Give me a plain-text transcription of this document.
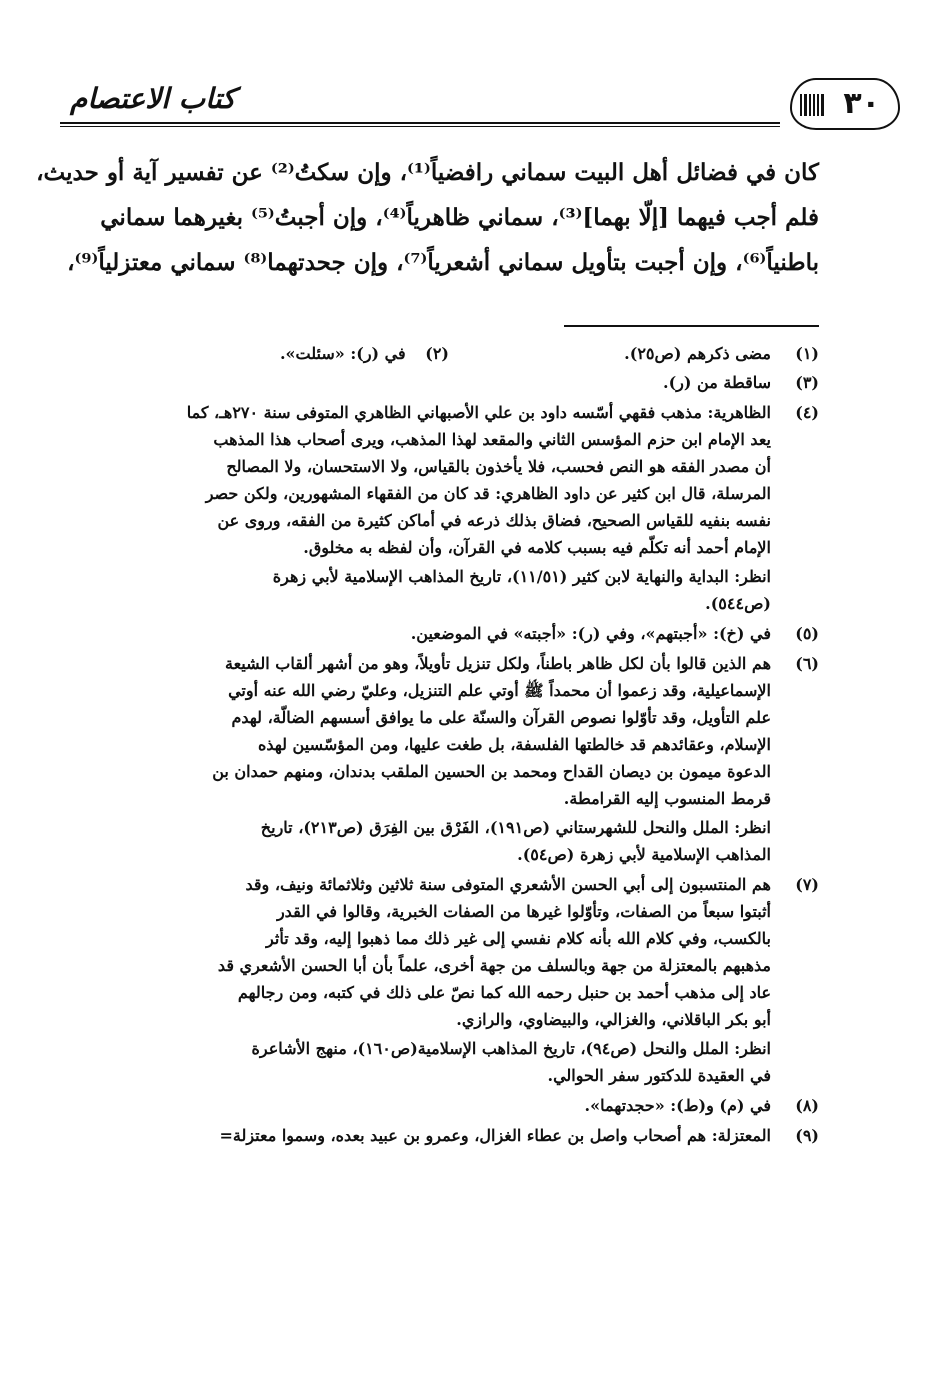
٣٠
كتاب الاعتصام
كان في فضائل أهل البيت سماني رافضياً⁽¹⁾، وإن سكتُ⁽²⁾ عن تفسير آية أو حديث،
فلم أجب فيهما [إلّا بهما]⁽³⁾، سماني ظاهرياً⁽⁴⁾، وإن أجبتُ⁽⁵⁾ بغيرهما سماني
باطنياً⁽⁶⁾، وإن أجبت بتأويل سماني أشعرياً⁽⁷⁾، وإن جحدتهما⁽⁸⁾ سماني معتزلياً⁽⁹⁾،
(١)
مضى ذكرهم (ص٢٥).
(٢) في (ر): «سئلت».
(٣)
ساقطة من (ر).
(٤)
الظاهرية: مذهب فقهي أسّسه داود بن علي الأصبهاني الظاهري المتوفى سنة ٢٧٠هـ، كما
يعد الإمام ابن حزم المؤسس الثاني والمقعد لهذا المذهب، ويرى أصحاب هذا المذهب
أن مصدر الفقه هو النص فحسب، فلا يأخذون بالقياس، ولا الاستحسان، ولا المصالح
المرسلة، قال ابن كثير عن داود الظاهري: قد كان من الفقهاء المشهورين، ولكن حصر
نفسه بنفيه للقياس الصحيح، فضاق بذلك ذرعه في أماكن كثيرة من الفقه، وروى عن
الإمام أحمد أنه تكلّم فيه بسبب كلامه في القرآن، وأن لفظه به مخلوق.
انظر: البداية والنهاية لابن كثير (١١/٥١)، تاريخ المذاهب الإسلامية لأبي زهرة
(ص٥٤٤).
(٥)
في (خ): «أجبتهم»، وفي (ر): «أجبته» في الموضعين.
(٦)
هم الذين قالوا بأن لكل ظاهر باطناً، ولكل تنزيل تأويلاً، وهو من أشهر ألقاب الشيعة
الإسماعيلية، وقد زعموا أن محمداً ﷺ أوتي علم التنزيل، وعليّ رضي الله عنه أوتي
علم التأويل، وقد تأوّلوا نصوص القرآن والسنّة على ما يوافق أسسهم الضالّة، لهدم
الإسلام، وعقائدهم قد خالطتها الفلسفة، بل طغت عليها، ومن المؤسّسين لهذه
الدعوة ميمون بن ديصان القداح ومحمد بن الحسين الملقب بدندان، ومنهم حمدان بن
قرمط المنسوب إليه القرامطة.
انظر: الملل والنحل للشهرستاني (ص١٩١)، الفَرْق بين الفِرَق (ص٢١٣)، تاريخ
المذاهب الإسلامية لأبي زهرة (ص٥٤).
(٧)
هم المنتسبون إلى أبي الحسن الأشعري المتوفى سنة ثلاثين وثلاثمائة ونيف، وقد
أثبتوا سبعاً من الصفات، وتأوّلوا غيرها من الصفات الخبرية، وقالوا في القدر
بالكسب، وفي كلام الله بأنه كلام نفسي إلى غير ذلك مما ذهبوا إليه، وقد تأثر
مذهبهم بالمعتزلة من جهة وبالسلف من جهة أخرى، علماً بأن أبا الحسن الأشعري قد
عاد إلى مذهب أحمد بن حنبل رحمه الله كما نصّ على ذلك في كتبه، ومن رجالهم
أبو بكر الباقلاني، والغزالي، والبيضاوي، والرازي.
انظر: الملل والنحل (ص٩٤)، تاريخ المذاهب الإسلامية(ص١٦٠)، منهج الأشاعرة
في العقيدة للدكتور سفر الحوالي.
(٨)
في (م) و(ط): «حجدتهما».
(٩)
المعتزلة: هم أصحاب واصل بن عطاء الغزال، وعمرو بن عبيد بعده، وسموا معتزلة=
